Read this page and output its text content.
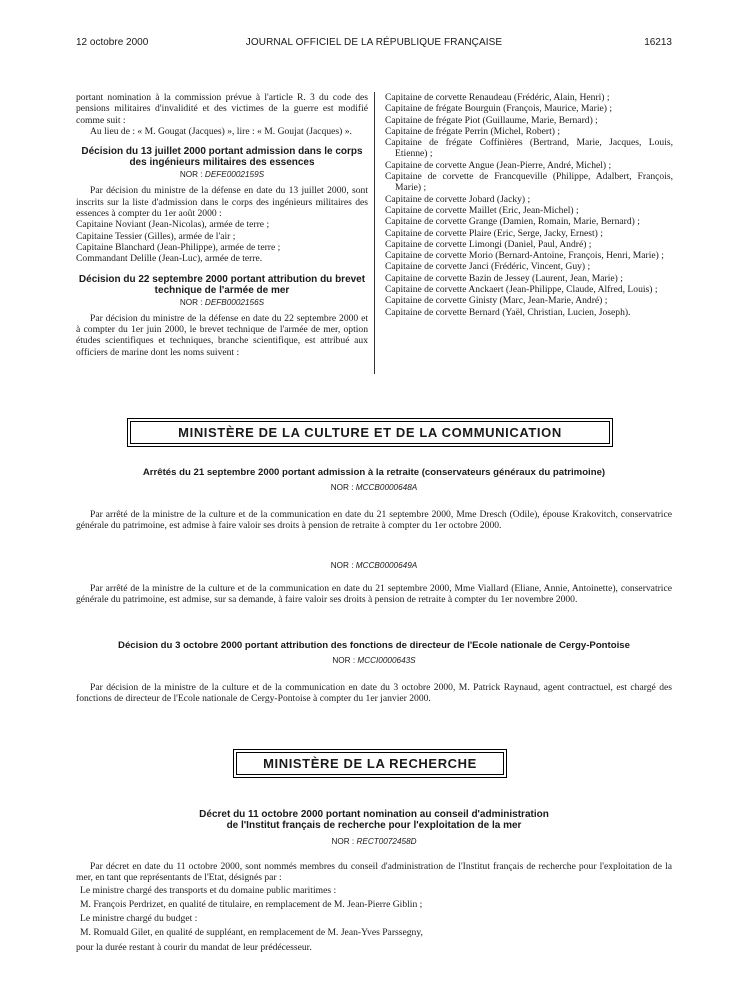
12 octobre 2000	JOURNAL OFFICIEL DE LA RÉPUBLIQUE FRANÇAISE	16213

portant nomination à la commission prévue à l'article R. 3 du code des pensions militaires d'invalidité et des victimes de la guerre est modifié comme suit :

Au lieu de : « M. Gougat (Jacques) », lire : « M. Goujat (Jacques) ».

Décision du 13 juillet 2000 portant admission dans le corps des ingénieurs militaires des essences

NOR : DEFE0002159S

Par décision du ministre de la défense en date du 13 juillet 2000, sont inscrits sur la liste d'admission dans le corps des ingénieurs militaires des essences à compter du 1er août 2000 :

Capitaine Noviant (Jean-Nicolas), armée de terre ;

Capitaine Tessier (Gilles), armée de l'air ;

Capitaine Blanchard (Jean-Philippe), armée de terre ;

Commandant Delille (Jean-Luc), armée de terre.

Décision du 22 septembre 2000 portant attribution du brevet technique de l'armée de mer

NOR : DEFB0002156S

Par décision du ministre de la défense en date du 22 septembre 2000 et à compter du 1er juin 2000, le brevet technique de l'armée de mer, option études scientifiques et techniques, branche scientifique, est attribué aux officiers de marine dont les noms suivent :

Capitaine de corvette Renaudeau (Frédéric, Alain, Henri) ;

Capitaine de frégate Bourguin (François, Maurice, Marie) ;

Capitaine de frégate Piot (Guillaume, Marie, Bernard) ;

Capitaine de frégate Perrin (Michel, Robert) ;

Capitaine de frégate Coffinières (Bertrand, Marie, Jacques, Louis, Etienne) ;

Capitaine de corvette Angue (Jean-Pierre, André, Michel) ;

Capitaine de corvette de Francqueville (Philippe, Adalbert, François, Marie) ;

Capitaine de corvette Jobard (Jacky) ;

Capitaine de corvette Maillet (Eric, Jean-Michel) ;

Capitaine de corvette Grange (Damien, Romain, Marie, Bernard) ;

Capitaine de corvette Plaire (Eric, Serge, Jacky, Ernest) ;

Capitaine de corvette Limongi (Daniel, Paul, André) ;

Capitaine de corvette Morio (Bernard-Antoine, François, Henri, Marie) ;

Capitaine de corvette Janci (Frédéric, Vincent, Guy) ;

Capitaine de corvette Bazin de Jessey (Laurent, Jean, Marie) ;

Capitaine de corvette Anckaert (Jean-Philippe, Claude, Alfred, Louis) ;

Capitaine de corvette Ginisty (Marc, Jean-Marie, André) ;

Capitaine de corvette Bernard (Yaël, Christian, Lucien, Joseph).

MINISTÈRE DE LA CULTURE ET DE LA COMMUNICATION
Arrêtés du 21 septembre 2000 portant admission à la retraite (conservateurs généraux du patrimoine)
NOR : MCCB0000648A

Par arrêté de la ministre de la culture et de la communication en date du 21 septembre 2000, Mme Dresch (Odile), épouse Krakovitch, conservatrice générale du patrimoine, est admise à faire valoir ses droits à pension de retraite à compter du 1er octobre 2000.

NOR : MCCB0000649A

Par arrêté de la ministre de la culture et de la communication en date du 21 septembre 2000, Mme Viallard (Eliane, Annie, Antoinette), conservatrice générale du patrimoine, est admise, sur sa demande, à faire valoir ses droits à pension de retraite à compter du 1er novembre 2000.

Décision du 3 octobre 2000 portant attribution des fonctions de directeur de l'Ecole nationale de Cergy-Pontoise
NOR : MCCI0000643S

Par décision de la ministre de la culture et de la communication en date du 3 octobre 2000, M. Patrick Raynaud, agent contractuel, est chargé des fonctions de directeur de l'Ecole nationale de Cergy-Pontoise à compter du 1er janvier 2000.

MINISTÈRE DE LA RECHERCHE
Décret du 11 octobre 2000 portant nomination au conseil d'administration
de l'Institut français de recherche pour l'exploitation de la mer
NOR : RECT0072458D

Par décret en date du 11 octobre 2000, sont nommés membres du conseil d'administration de l'Institut français de recherche pour l'exploitation de la mer, en tant que représentants de l'Etat, désignés par :

Le ministre chargé des transports et du domaine public maritimes :

M. François Perdrizet, en qualité de titulaire, en remplacement de M. Jean-Pierre Giblin ;

Le ministre chargé du budget :

M. Romuald Gilet, en qualité de suppléant, en remplacement de M. Jean-Yves Parssegny,

pour la durée restant à courir du mandat de leur prédécesseur.
